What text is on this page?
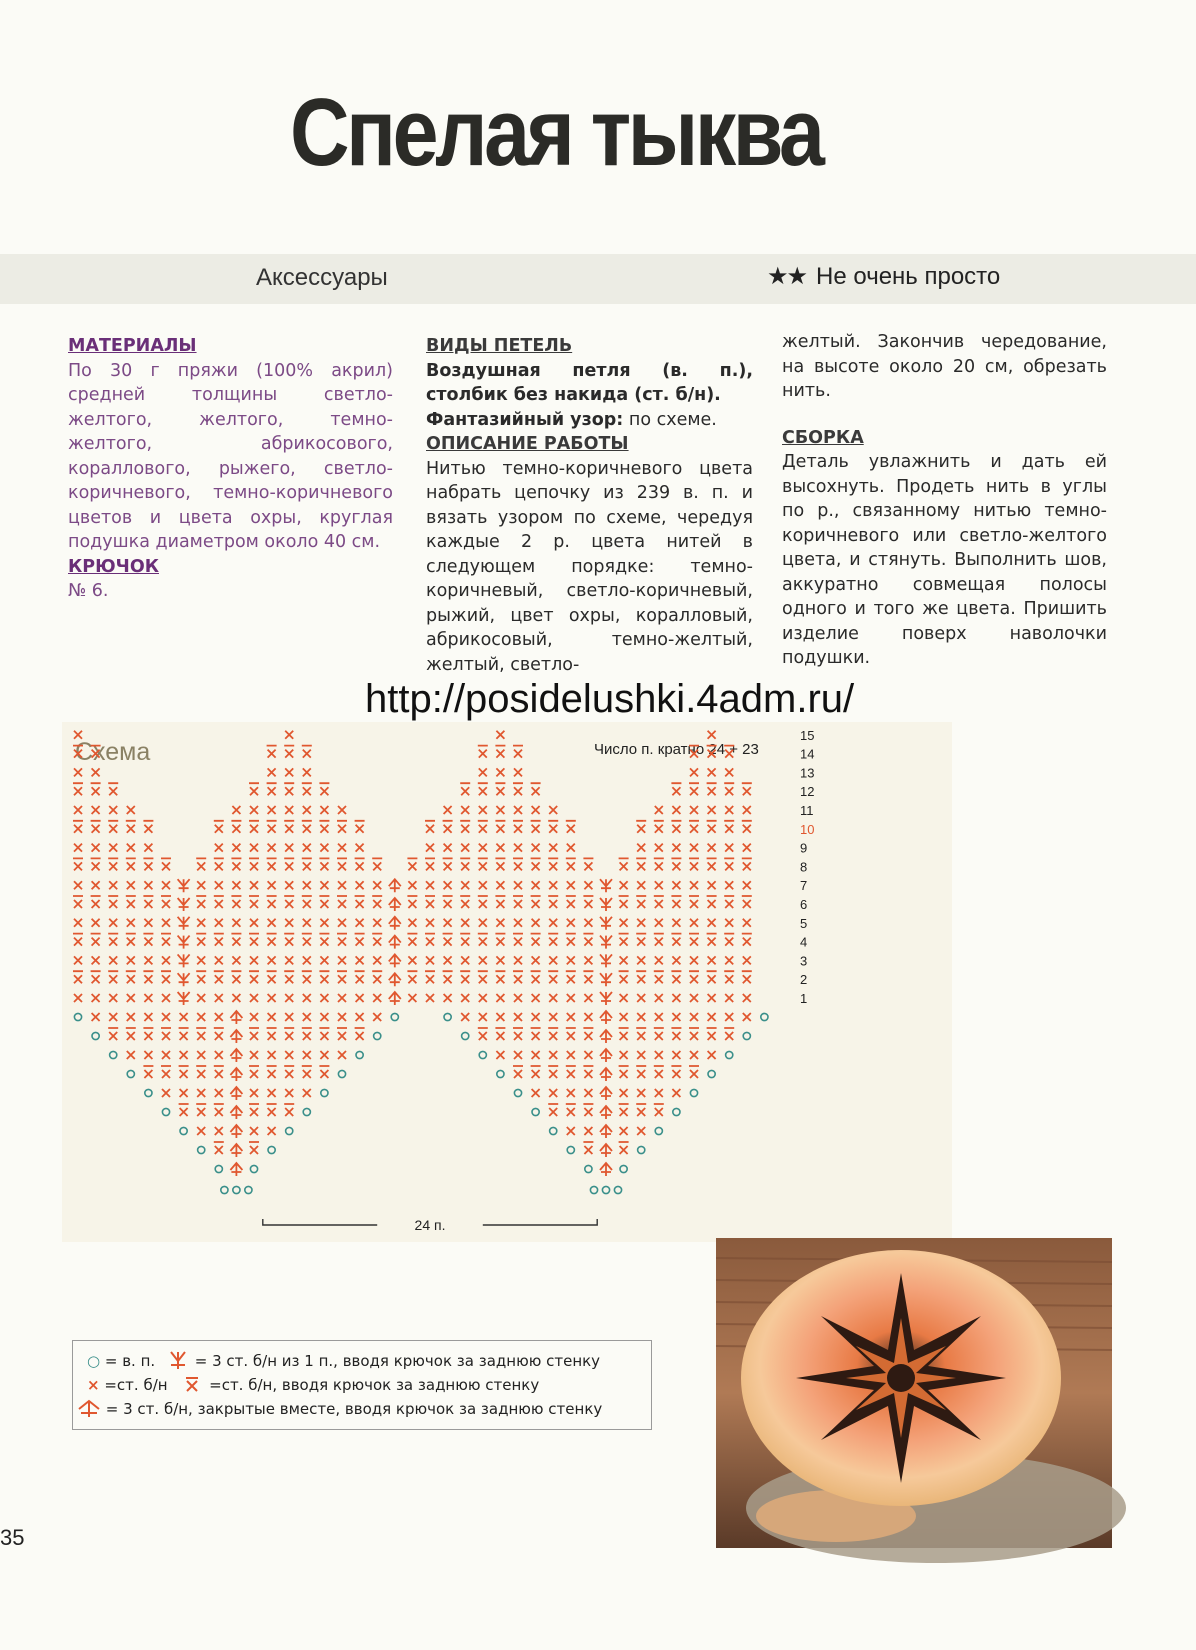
Спелая тыква
Аксессуары	★★ Не очень просто
МАТЕРИАЛЫ

По 30 г пряжи (100% акрил) средней толщины светло-желтого, желтого, темно-желтого, абрикосового, кораллового, рыжего, светло-коричневого, темно-коричневого цветов и цвета охры, круглая подушка диаметром около 40 см.

КРЮЧОК

№ 6.

ВИДЫ ПЕТЕЛЬ

Воздушная петля (в. п.), столбик без накида (ст. б/н).

Фантазийный узор: по схеме.

ОПИСАНИЕ РАБОТЫ

Нитью темно-коричневого цвета набрать цепочку из 239 в. п. и вязать узором по схеме, чередуя каждые 2 р. цвета нитей в следующем порядке: темно-коричневый, светло-коричневый, рыжий, цвет охры, коралловый, абрикосовый, темно-желтый, желтый, светло-

желтый. Закончив чередование, на высоте около 20 см, обрезать нить.

СБОРКА

Деталь увлажнить и дать ей высохнуть. Продеть нить в углы по р., связанному нитью темно-коричневого или светло-желтого цвета, и стянуть. Выполнить шов, аккуратно совмещая полосы одного и того же цвета. Пришить изделие поверх наволочки подушки.

http://posidelushki.4adm.ru/
Схема	Число п. кратно 24 + 23
1
2
3
4
5
6
7
8
9
10
11
12
13
14
15
24 п.
○ = в. п.	= 3 ст. б/н из 1 п., вводя крючок за заднюю стенку
× =ст. б/н	=ст. б/н, вводя крючок за заднюю стенку
= 3 ст. б/н, закрытые вместе, вводя крючок за заднюю стенку
35
